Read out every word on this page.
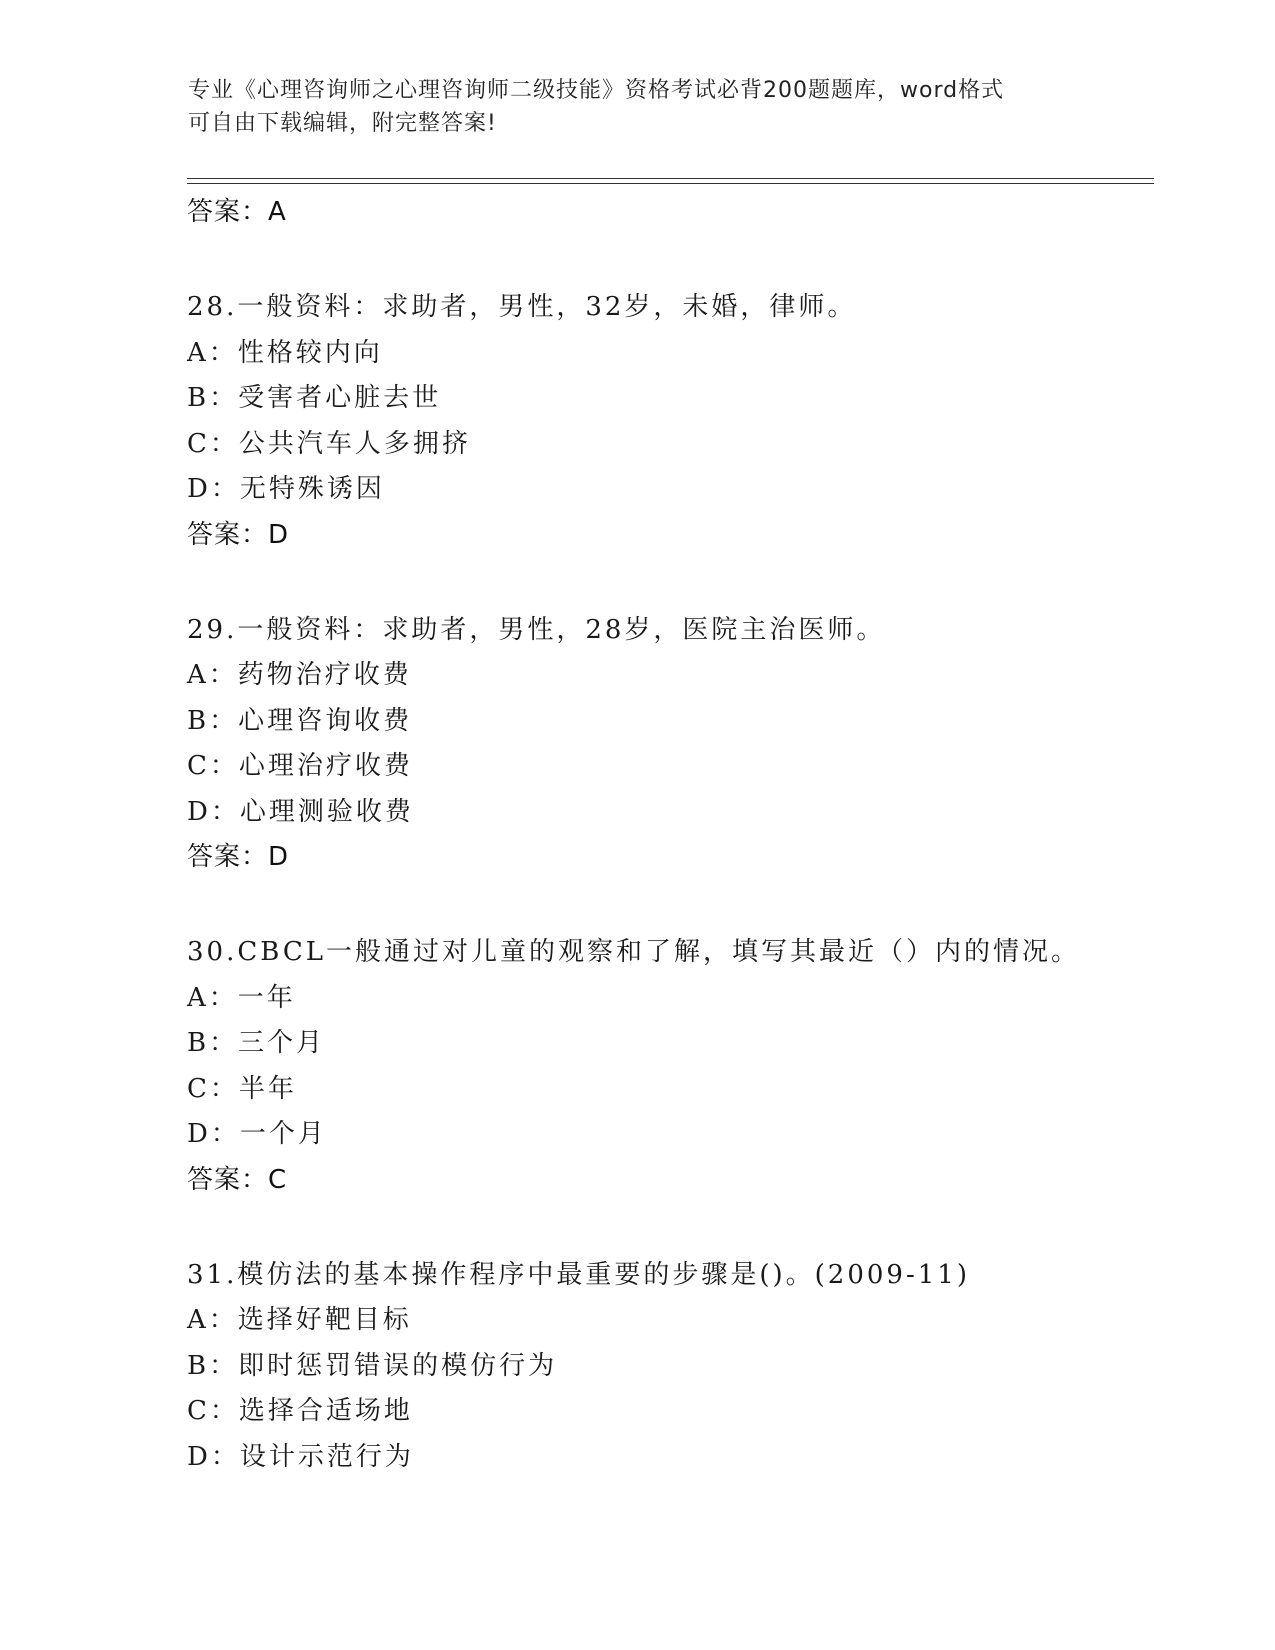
专业《心理咨询师之心理咨询师二级技能》资格考试必背200题题库，word格式
可自由下载编辑，附完整答案!
答案：A
28.一般资料：求助者，男性，32岁，未婚，律师。
A：性格较内向
B：受害者心脏去世
C：公共汽车人多拥挤
D：无特殊诱因
答案：D
29.一般资料：求助者，男性，28岁，医院主治医师。
A：药物治疗收费
B：心理咨询收费
C：心理治疗收费
D：心理测验收费
答案：D
30.CBCL一般通过对儿童的观察和了解，填写其最近（）内的情况。
A：一年
B：三个月
C：半年
D：一个月
答案：C
31.模仿法的基本操作程序中最重要的步骤是()。(2009-11)
A：选择好靶目标
B：即时惩罚错误的模仿行为
C：选择合适场地
D：设计示范行为
